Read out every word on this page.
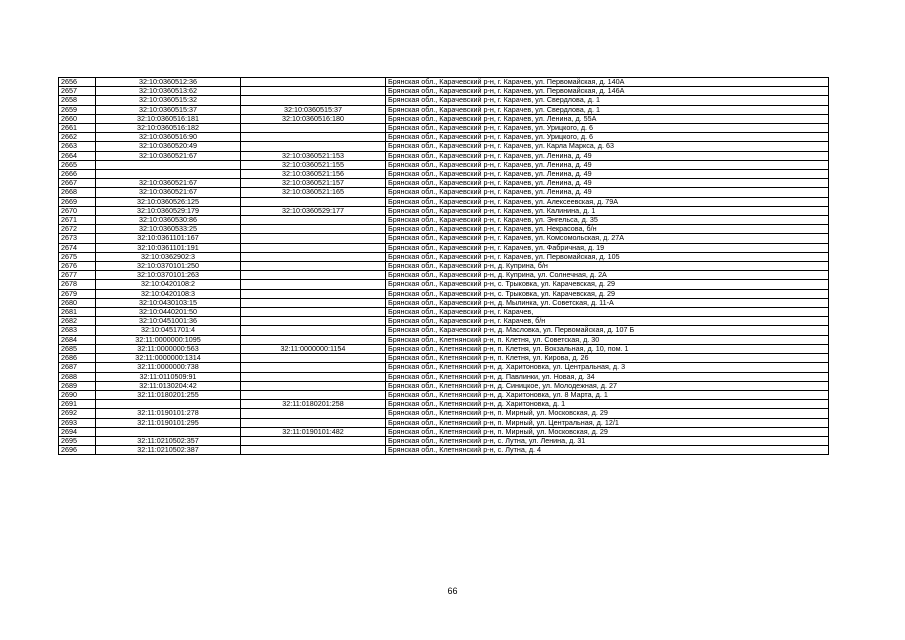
2656	32:10:0360512:36		Брянская обл., Карачевский р-н, г. Карачев, ул. Первомайская, д. 140А
2657	32:10:0360513:62		Брянская обл., Карачевский р-н, г. Карачев, ул. Первомайская, д. 146А
2658	32:10:0360515:32		Брянская обл., Карачевский р-н, г. Карачев, ул. Свердлова, д. 1
2659	32:10:0360515:37	32:10:0360515:37	Брянская обл., Карачевский р-н, г. Карачев, ул. Свердлова, д. 1
2660	32:10:0360516:181	32:10:0360516:180	Брянская обл., Карачевский р-н, г. Карачев, ул. Ленина, д. 55А
2661	32:10:0360516:182		Брянская обл., Карачевский р-н, г. Карачев, ул. Урицкого, д. 6
2662	32:10:0360516:90		Брянская обл., Карачевский р-н, г. Карачев, ул. Урицкого, д. 6
2663	32:10:0360520:49		Брянская обл., Карачевский р-н, г. Карачев, ул. Карла Маркса, д. 63
2664	32:10:0360521:67	32:10:0360521:153	Брянская обл., Карачевский р-н, г. Карачев, ул. Ленина, д. 49
2665		32:10:0360521:155	Брянская обл., Карачевский р-н, г. Карачев, ул. Ленина, д. 49
2666		32:10:0360521:156	Брянская обл., Карачевский р-н, г. Карачев, ул. Ленина, д. 49
2667	32:10:0360521:67	32:10:0360521:157	Брянская обл., Карачевский р-н, г. Карачев, ул. Ленина, д. 49
2668	32:10:0360521:67	32:10:0360521:165	Брянская обл., Карачевский р-н, г. Карачев, ул. Ленина, д. 49
2669	32:10:0360526:125		Брянская обл., Карачевский р-н, г. Карачев, ул. Алексеевская, д. 79А
2670	32:10:0360529:179	32:10:0360529:177	Брянская обл., Карачевский р-н, г. Карачев, ул. Калинина, д. 1
2671	32:10:0360530:86		Брянская обл., Карачевский р-н, г. Карачев, ул. Энгельса, д. 35
2672	32:10:0360533:25		Брянская обл., Карачевский р-н, г. Карачев, ул. Некрасова, б/н
2673	32:10:0361101:167		Брянская обл., Карачевский р-н, г. Карачев, ул. Комсомольская, д. 27А
2674	32:10:0361101:191		Брянская обл., Карачевский р-н, г. Карачев, ул. Фабричная, д. 19
2675	32:10:0362902:3		Брянская обл., Карачевский р-н, г. Карачев, ул. Первомайская, д. 105
2676	32:10:0370101:250		Брянская обл., Карачевский р-н, д. Куприна, б/н
2677	32:10:0370101:263		Брянская обл., Карачевский р-н, д. Куприна, ул. Солнечная, д. 2А
2678	32:10:0420108:2		Брянская обл., Карачевский р-н, с. Трыковка, ул. Карачевская, д. 29
2679	32:10:0420108:3		Брянская обл., Карачевский р-н, с. Трыковка, ул. Карачевская, д. 29
2680	32:10:0430103:15		Брянская обл., Карачевский р-н, д. Мылинка, ул. Советская, д. 11-А
2681	32:10:0440201:50		Брянская обл., Карачевский р-н, г. Карачев,
2682	32:10:0451001:36		Брянская обл., Карачевский р-н, г. Карачев, б/н
2683	32:10:0451701:4		Брянская обл., Карачевский р-н, д. Масловка, ул. Первомайская, д. 107 Б
2684	32:11:0000000:1095		Брянская обл., Клетнянский р-н, п. Клетня, ул. Советская, д. 30
2685	32:11:0000000:563	32:11:0000000:1154	Брянская обл., Клетнянский р-н, п. Клетня, ул. Вокзальная, д. 10, пом. 1
2686	32:11:0000000:1314		Брянская обл., Клетнянский р-н, п. Клетня, ул. Кирова, д. 26
2687	32:11:0000000:738		Брянская обл., Клетнянский р-н, д. Харитоновка, ул. Центральная, д. 3
2688	32:11:0110509:91		Брянская обл., Клетнянский р-н, д. Павлинки, ул. Новая, д. 34
2689	32:11:0130204:42		Брянская обл., Клетнянский р-н, д. Синицкое, ул. Молодежная, д. 27
2690	32:11:0180201:255		Брянская обл., Клетнянский р-н, д. Харитоновка, ул. 8 Марта, д. 1
2691		32:11:0180201:258	Брянская обл., Клетнянский р-н, д. Харитоновка, д. 1
2692	32:11:0190101:278		Брянская обл., Клетнянский р-н, п. Мирный, ул. Московская, д. 29
2693	32:11:0190101:295		Брянская обл., Клетнянский р-н, п. Мирный, ул. Центральная, д. 12/1
2694		32:11:0190101:482	Брянская обл., Клетнянский р-н, п. Мирный, ул. Московская, д. 29
2695	32:11:0210502:357		Брянская обл., Клетнянский р-н, с. Лутна, ул. Ленина, д. 31
2696	32:11:0210502:387		Брянская обл., Клетнянский р-н, с. Лутна, д. 4
66
